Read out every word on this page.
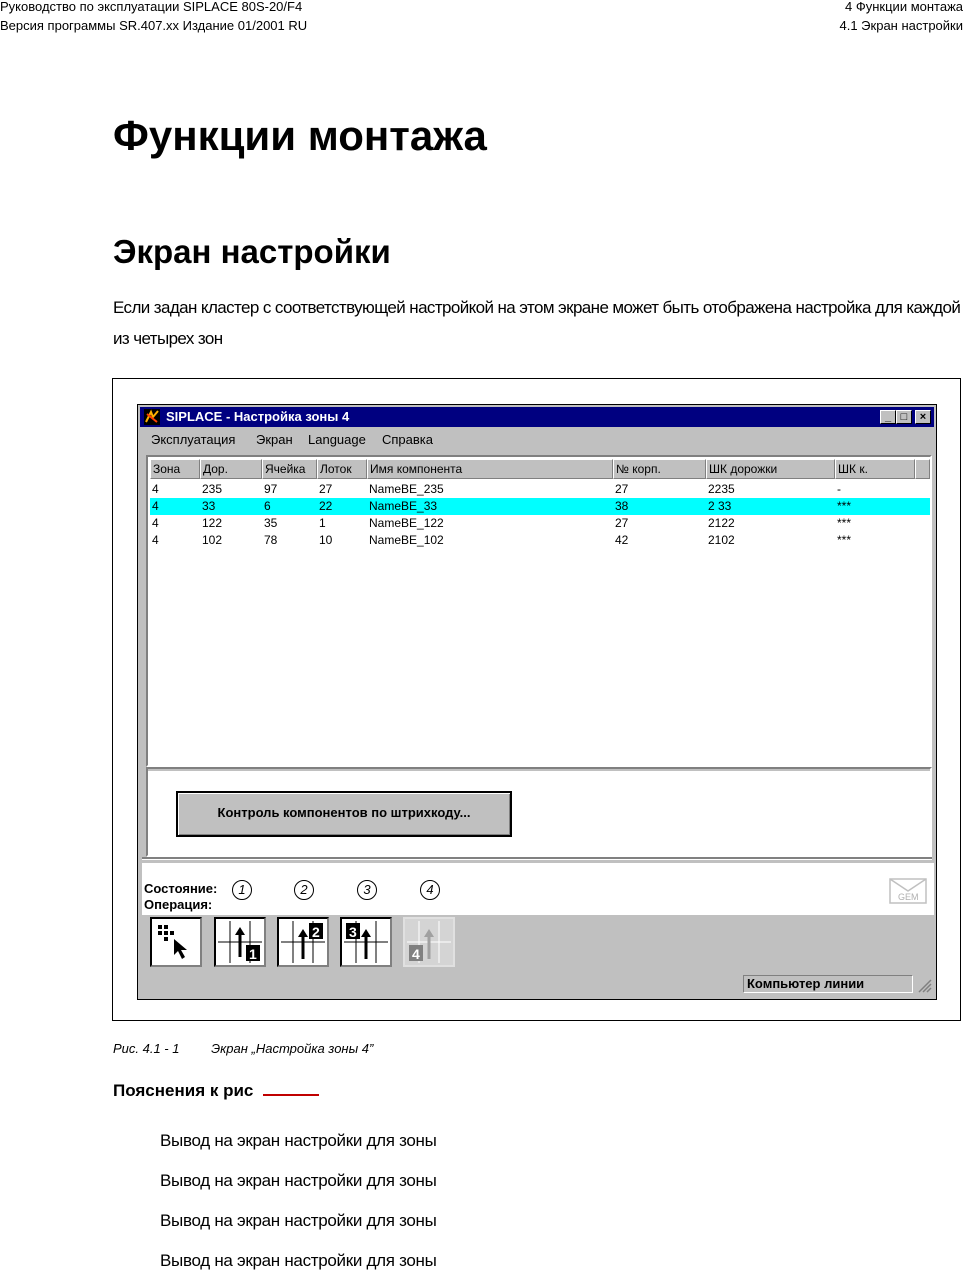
Руководство по эксплуатации SIPLACE 80S-20/F4
Версия программы SR.407.xx Издание 01/2001 RU
4 Функции монтажа
4.1 Экран настройки
Функции монтажа
Экран настройки
Если задан кластер с соответствующей настройкой на этом экране может быть отображена настройка для каждой из четырех зон
SIPLACE - Настройка зоны 4	_ □	×
Эксплуатация Экран Language Справка
Зона	Дор.	Ячейка	Лоток	Имя компонента	№ корп.	ШК дорожки	ШК к.
4	235	97	27	NameBE_235	27	2235	-
4	33	6	22	NameBE_33	38	2 33	***
4	122	35	1	NameBE_122	27	2122	***
4	102	78	10	NameBE_102	42	2102	***
Контроль компонентов по штрихкоду...
Состояние:
Операция:
1	2	3	4	GEM
1
2 3
4
Компьютер линии
Рис. 4.1 - 1 Экран „Настройка зоны 4”
Пояснения к рис
Вывод на экран настройки для зоны
Вывод на экран настройки для зоны
Вывод на экран настройки для зоны
Вывод на экран настройки для зоны
